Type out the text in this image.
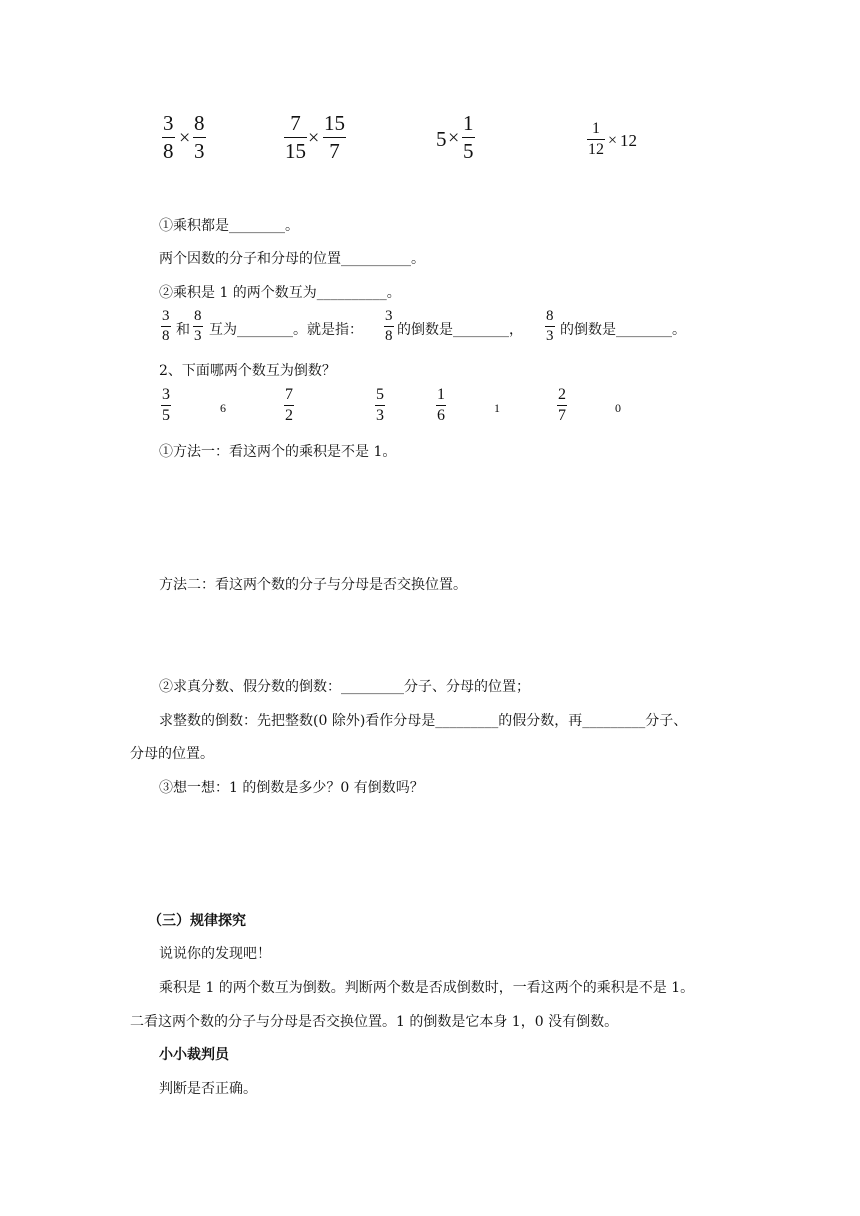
3
8
×
8
3
7
15
×
15
7
5 ×
1
5
1
12
× 12
①乘积都是________。
两个因数的分子和分母的位置__________。
②乘积是 1 的两个数互为__________。
3
8 和
8
3 互为________。就是指：
3
8 的倒数是________，
8
3 的倒数是________。
2、下面哪两个数互为倒数？
3
5	6
7
2
5
3
1
6	1
2
7	0
①方法一：看这两个的乘积是不是 1。
方法二：看这两个数的分子与分母是否交换位置。
②求真分数、假分数的倒数：_________分子、分母的位置；
求整数的倒数：先把整数(0 除外)看作分母是_________的假分数，再_________分子、
分母的位置。
③想一想：1 的倒数是多少？0 有倒数吗？
（三）规律探究
说说你的发现吧！
乘积是 1 的两个数互为倒数。判断两个数是否成倒数时，一看这两个的乘积是不是 1。
二看这两个数的分子与分母是否交换位置。1 的倒数是它本身 1，0 没有倒数。
小小裁判员
判断是否正确。
